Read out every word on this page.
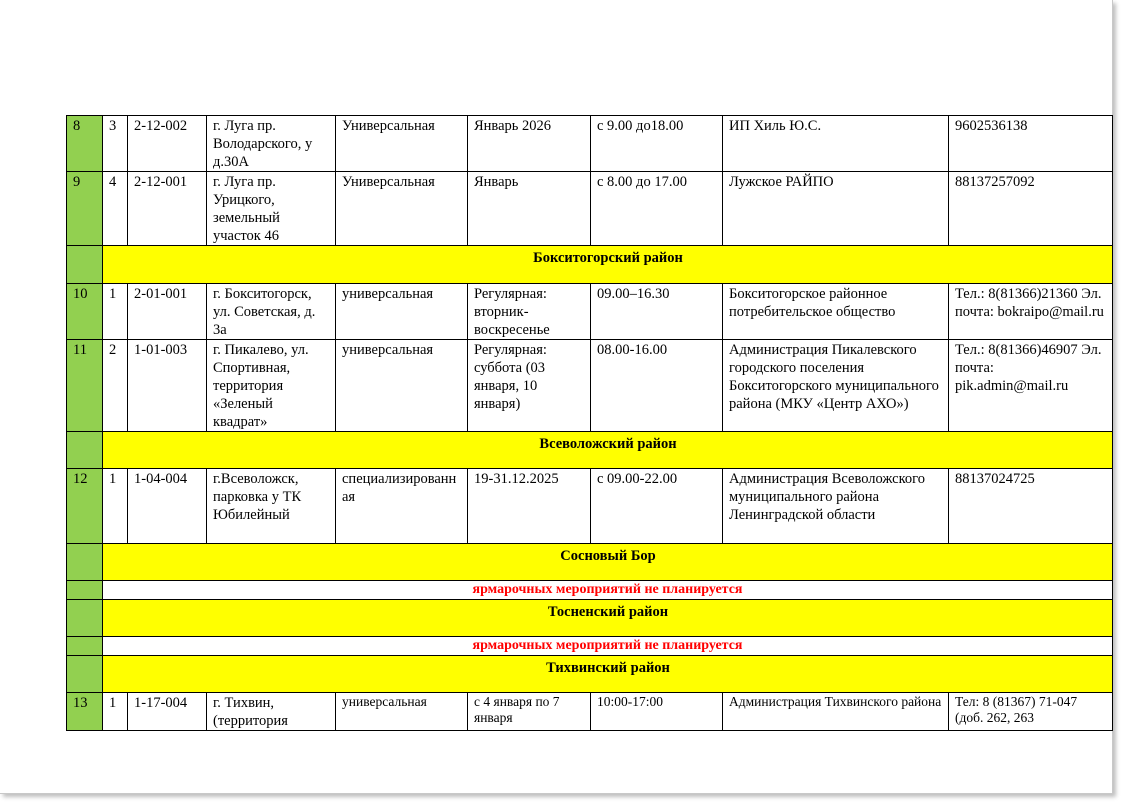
8	3	2-12-002	г. Луга пр. Володарского, у д.30А	Универсальная	Январь 2026	с 9.00 до18.00	ИП Хиль Ю.С.	9602536138
9	4	2-12-001	г. Луга пр. Урицкого, земельный участок 46	Универсальная	Январь	с 8.00 до 17.00	Лужское РАЙПО	88137257092
	Бокситогорский район							
10	1	2-01-001	г. Бокситогорск, ул. Советская, д. 3а	универсальная	Регулярная: вторник-воскресенье	09.00–16.30	Бокситогорское районное потребительское общество	Тел.: 8(81366)21360 Эл. почта: bokraipo@mail.ru
11	2	1-01-003	г. Пикалево, ул. Спортивная, территория «Зеленый квадрат»	универсальная	Регулярная: суббота (03 января, 10 января)	08.00-16.00	Администрация Пикалевского городского поселения Бокситогорского муниципального района (МКУ «Центр АХО»)	Тел.: 8(81366)46907 Эл. почта: pik.admin@mail.ru
	Всеволожский район							
12	1	1-04-004	г.Всеволожск, парковка у ТК Юбилейный	специализированная	19-31.12.2025	с 09.00-22.00	Администрация Всеволожского муниципального района Ленинградской области	88137024725
	Сосновый Бор							
	ярмарочных мероприятий не планируется							
	Тосненский район							
	ярмарочных мероприятий не планируется							
	Тихвинский район							
13	1	1-17-004	г. Тихвин, (территория	универсальная	с 4 января по 7 января	10:00-17:00	Администрация Тихвинского района	Тел: 8 (81367) 71-047 (доб. 262, 263
